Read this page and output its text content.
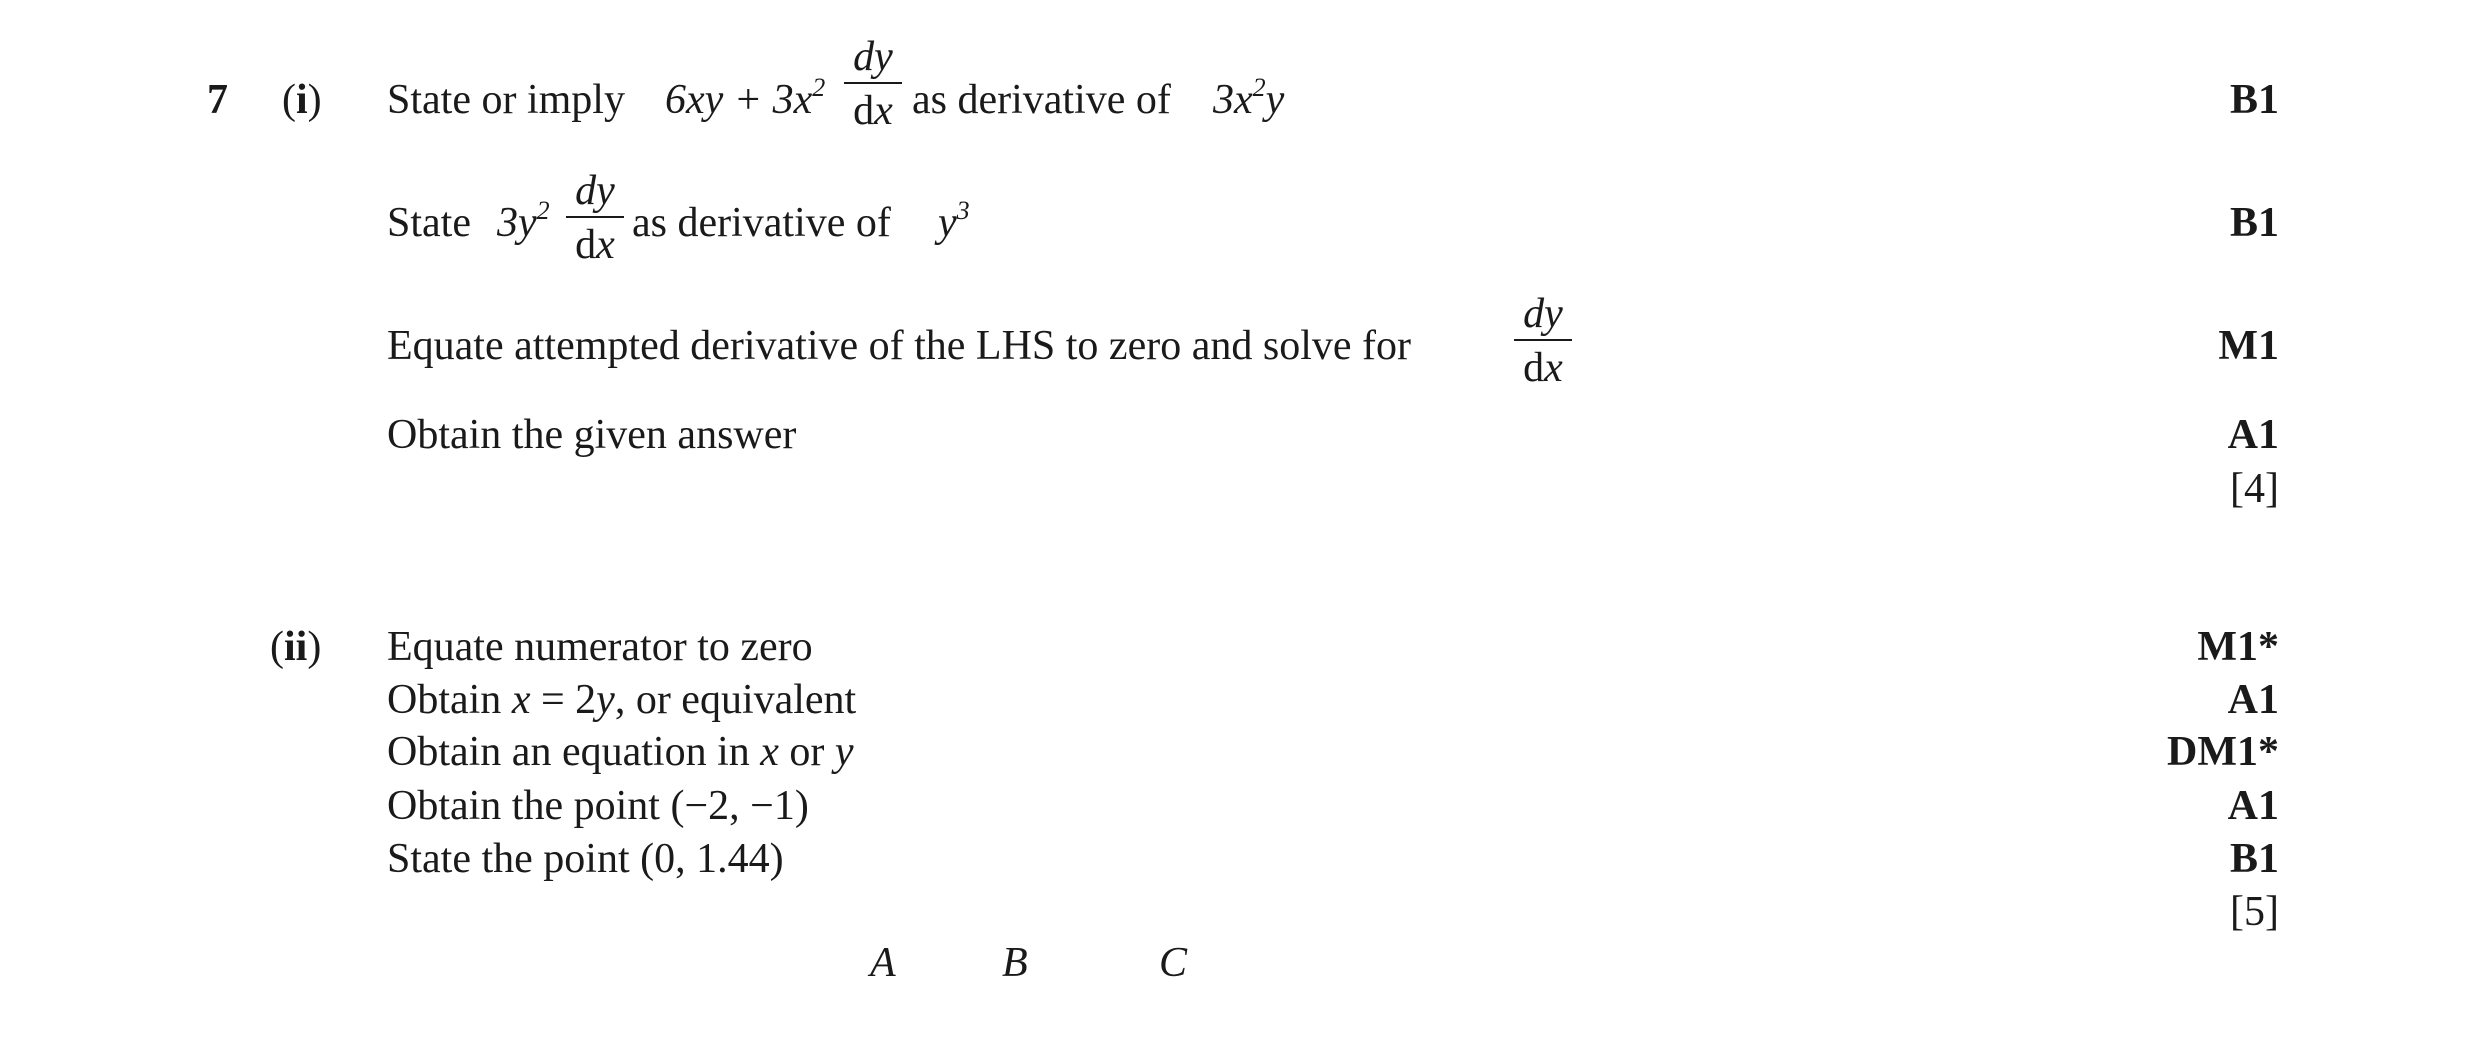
7 (i) State or imply $6xy + 3x^2$
dy
dx as derivative of $3x^2y$	B1
State $3y^2$ dy
dx as derivative of $y^3$	B1
Equate attempted derivative of the LHS to zero and solve for
dy
dx	M1
Obtain the given answer	A1
[4]
(ii) Equate numerator to zero	M1*
Obtain x = 2y, or equivalent	A1
Obtain an equation in x or y	DM1*
Obtain the point (−2, −1)	A1
State the point (0, 1.44)	B1
[5]
A	B	C
